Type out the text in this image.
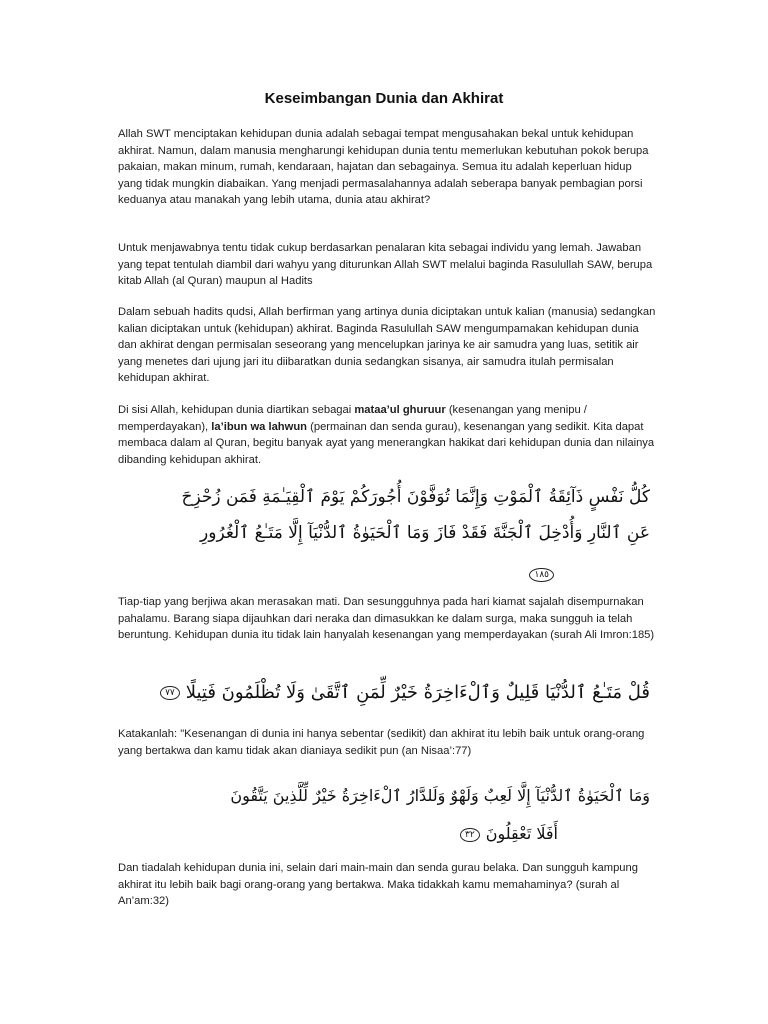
Keseimbangan Dunia dan Akhirat

Allah SWT menciptakan kehidupan dunia adalah sebagai tempat mengusahakan bekal untuk kehidupan akhirat. Namun, dalam manusia mengharungi kehidupan dunia tentu memerlukan kebutuhan pokok berupa pakaian, makan minum, rumah, kendaraan, hajatan dan sebagainya. Semua itu adalah keperluan hidup yang tidak mungkin diabaikan. Yang menjadi permasalahannya adalah seberapa banyak pembagian porsi keduanya atau manakah yang lebih utama, dunia atau akhirat?

Untuk menjawabnya tentu tidak cukup berdasarkan penalaran kita sebagai individu yang lemah. Jawaban yang tepat tentulah diambil dari wahyu yang diturunkan Allah SWT melalui baginda Rasulullah SAW, berupa kitab Allah (al Quran) maupun al Hadits

Dalam sebuah hadits qudsi, Allah berfirman yang artinya dunia diciptakan untuk kalian (manusia) sedangkan kalian diciptakan untuk (kehidupan) akhirat. Baginda Rasulullah SAW mengumpamakan kehidupan dunia dan akhirat dengan permisalan seseorang yang mencelupkan jarinya ke air samudra yang luas, setitik air yang menetes dari ujung jari itu diibaratkan dunia sedangkan sisanya, air samudra itulah permisalan kehidupan akhirat.

Di sisi Allah, kehidupan dunia diartikan sebagai mataa’ul ghuruur (kesenangan yang menipu / memperdayakan), la’ibun wa lahwun (permainan dan senda gurau), kesenangan yang sedikit. Kita dapat membaca dalam al Quran, begitu banyak ayat yang menerangkan hakikat dari kehidupan dunia dan nilainya dibanding kehidupan akhirat.

كُلُّ نَفْسٍ ذَآئِقَةُ ٱلْمَوْتِ وَإِنَّمَا تُوَفَّوْنَ أُجُورَكُمْ يَوْمَ ٱلْقِيَـٰمَةِ فَمَن زُحْزِحَ
عَنِ ٱلنَّارِ وَأُدْخِلَ ٱلْجَنَّةَ فَقَدْ فَازَ وَمَا ٱلْحَيَوٰةُ ٱلدُّنْيَآ إِلَّا مَتَـٰعُ ٱلْغُرُورِ
١٨٥

Tiap-tiap yang berjiwa akan merasakan mati. Dan sesungguhnya pada hari kiamat sajalah disempurnakan pahalamu. Barang siapa dijauhkan dari neraka dan dimasukkan ke dalam surga, maka sungguh ia telah beruntung. Kehidupan dunia itu tidak lain hanyalah kesenangan yang memperdayakan (surah Ali Imron:185)

قُلْ مَتَـٰعُ ٱلدُّنْيَا قَلِيلٌ وَٱلْءَاخِرَةُ خَيْرٌ لِّمَنِ ٱتَّقَىٰ وَلَا تُظْلَمُونَ فَتِيلًا٧٧

Katakanlah: "Kesenangan di dunia ini hanya sebentar (sedikit) dan akhirat itu lebih baik untuk orang-orang yang bertakwa dan kamu tidak akan dianiaya sedikit pun (an Nisaa’:77)

وَمَا ٱلْحَيَوٰةُ ٱلدُّنْيَآ إِلَّا لَعِبٌ وَلَهْوٌ وَلَلدَّارُ ٱلْءَاخِرَةُ خَيْرٌ لِّلَّذِينَ يَتَّقُونَ
أَفَلَا تَعْقِلُونَ٣٢

Dan tiadalah kehidupan dunia ini, selain dari main-main dan senda gurau belaka. Dan sungguh kampung akhirat itu lebih baik bagi orang-orang yang bertakwa. Maka tidakkah kamu memahaminya? (surah al An’am:32)
